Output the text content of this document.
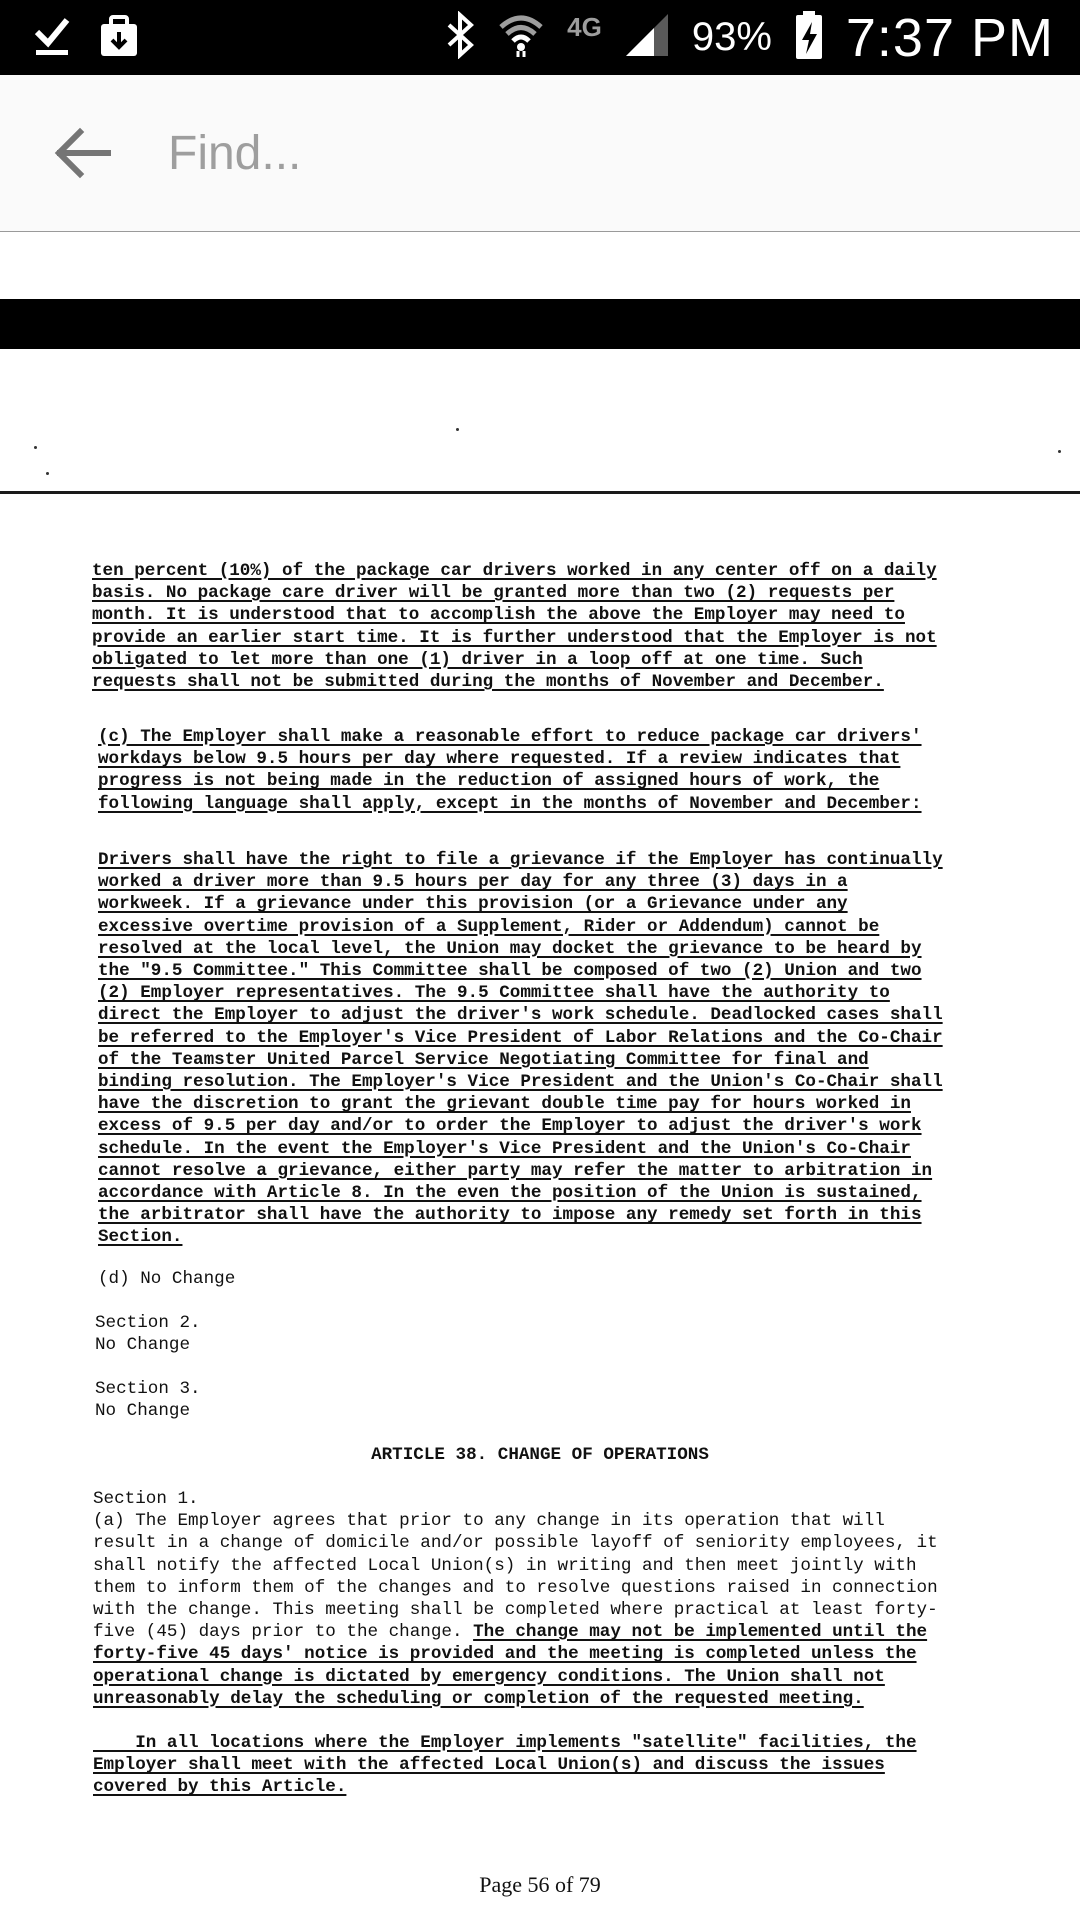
4G 93% 7:37 PM
Find...
ten percent (10%) of the package car drivers worked in any center off on a daily
basis. No package care driver will be granted more than two (2) requests per
month. It is understood that to accomplish the above the Employer may need to
provide an earlier start time. It is further understood that the Employer is not
obligated to let more than one (1) driver in a loop off at one time. Such
requests shall not be submitted during the months of November and December.
(c) The Employer shall make a reasonable effort to reduce package car drivers'
workdays below 9.5 hours per day where requested. If a review indicates that
progress is not being made in the reduction of assigned hours of work, the
following language shall apply, except in the months of November and December:
Drivers shall have the right to file a grievance if the Employer has continually
worked a driver more than 9.5 hours per day for any three (3) days in a
workweek. If a grievance under this provision (or a Grievance under any
excessive overtime provision of a Supplement, Rider or Addendum) cannot be
resolved at the local level, the Union may docket the grievance to be heard by
the "9.5 Committee." This Committee shall be composed of two (2) Union and two
(2) Employer representatives. The 9.5 Committee shall have the authority to
direct the Employer to adjust the driver's work schedule. Deadlocked cases shall
be referred to the Employer's Vice President of Labor Relations and the Co-Chair
of the Teamster United Parcel Service Negotiating Committee for final and
binding resolution. The Employer's Vice President and the Union's Co-Chair shall
have the discretion to grant the grievant double time pay for hours worked in
excess of 9.5 per day and/or to order the Employer to adjust the driver's work
schedule. In the event the Employer's Vice President and the Union's Co-Chair
cannot resolve a grievance, either party may refer the matter to arbitration in
accordance with Article 8. In the even the position of the Union is sustained,
the arbitrator shall have the authority to impose any remedy set forth in this
Section.
(d) No Change
Section 2.
No Change
Section 3.
No Change
ARTICLE 38. CHANGE OF OPERATIONS
Section 1.
(a) The Employer agrees that prior to any change in its operation that will
result in a change of domicile and/or possible layoff of seniority employees, it
shall notify the affected Local Union(s) in writing and then meet jointly with
them to inform them of the changes and to resolve questions raised in connection
with the change. This meeting shall be completed where practical at least forty-
five (45) days prior to the change. The change may not be implemented until the
forty-five 45 days' notice is provided and the meeting is completed unless the
operational change is dictated by emergency conditions. The Union shall not
unreasonably delay the scheduling or completion of the requested meeting.
In all locations where the Employer implements "satellite" facilities, the
Employer shall meet with the affected Local Union(s) and discuss the issues
covered by this Article.
Page 56 of 79
